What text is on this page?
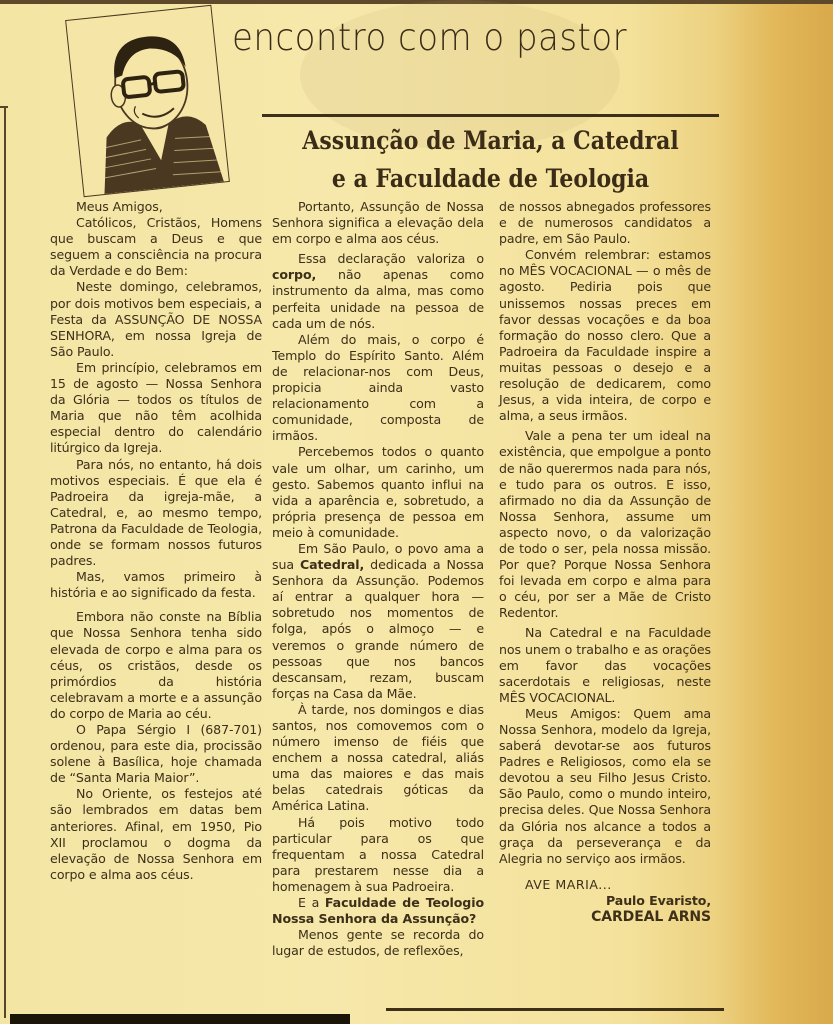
encontro com o pastor
Assunção de Maria, a Catedral
e a Faculdade de Teologia

Meus Amigos,

Católicos, Cristãos, Homens que buscam a Deus e que seguem a consciência na procura da Verdade e do Bem:

Neste domingo, celebramos, por dois motivos bem especiais, a Festa da ASSUNÇÃO DE NOSSA SENHORA, em nossa Igreja de São Paulo.

Em princípio, celebramos em 15 de agosto — Nossa Senhora da Glória — todos os títulos de Maria que não têm acolhida especial dentro do calendário litúrgico da Igreja.

Para nós, no entanto, há dois motivos especiais. É que ela é Padroeira da igreja-mãe, a Catedral, e, ao mesmo tempo, Patrona da Faculdade de Teologia, onde se formam nossos futuros padres.

Mas, vamos primeiro à história e ao significado da festa.

Embora não conste na Bíblia que Nossa Senhora tenha sido elevada de corpo e alma para os céus, os cristãos, desde os primórdios da história celebravam a morte e a assunção do corpo de Maria ao céu.

O Papa Sérgio I (687-701) ordenou, para este dia, procissão solene à Basílica, hoje chamada de “Santa Maria Maior”.

No Oriente, os festejos até são lembrados em datas bem anteriores. Afinal, em 1950, Pio XII proclamou o dogma da elevação de Nossa Senhora em corpo e alma aos céus.

Portanto, Assunção de Nossa Senhora significa a elevação dela em corpo e alma aos céus.

Essa declaração valoriza o corpo, não apenas como instrumento da alma, mas como perfeita unidade na pessoa de cada um de nós.

Além do mais, o corpo é Templo do Espírito Santo. Além de relacionar-nos com Deus, propicia ainda vasto relacionamento com a comunidade, composta de irmãos.

Percebemos todos o quanto vale um olhar, um carinho, um gesto. Sabemos quanto influi na vida a aparência e, sobretudo, a própria presença de pessoa em meio à comunidade.

Em São Paulo, o povo ama a sua Catedral, dedicada a Nossa Senhora da Assunção. Podemos aí entrar a qualquer hora — sobretudo nos momentos de folga, após o almoço — e veremos o grande número de pessoas que nos bancos descansam, rezam, buscam forças na Casa da Mãe.

À tarde, nos domingos e dias santos, nos comovemos com o número imenso de fiéis que enchem a nossa catedral, aliás uma das maiores e das mais belas catedrais góticas da América Latina.

Há pois motivo todo particular para os que frequentam a nossa Catedral para prestarem nesse dia a homenagem à sua Padroeira.

E a Faculdade de Teologio Nossa Senhora da Assunção?

Menos gente se recorda do lugar de estudos, de reflexões,

de nossos abnegados professores e de numerosos candidatos a padre, em São Paulo.

Convém relembrar: estamos no MÊS VOCACIONAL — o mês de agosto. Pediria pois que unissemos nossas preces em favor dessas vocações e da boa formação do nosso clero. Que a Padroeira da Faculdade inspire a muitas pessoas o desejo e a resolução de dedicarem, como Jesus, a vida inteira, de corpo e alma, a seus irmãos.

Vale a pena ter um ideal na existência, que empolgue a ponto de não querermos nada para nós, e tudo para os outros. E isso, afirmado no dia da Assunção de Nossa Senhora, assume um aspecto novo, o da valorização de todo o ser, pela nossa missão. Por que? Porque Nossa Senhora foi levada em corpo e alma para o céu, por ser a Mãe de Cristo Redentor.

Na Catedral e na Faculdade nos unem o trabalho e as orações em favor das vocações sacerdotais e religiosas, neste MÊS VOCACIONAL.

Meus Amigos: Quem ama Nossa Senhora, modelo da Igreja, saberá devotar-se aos futuros Padres e Religiosos, como ela se devotou a seu Filho Jesus Cristo. São Paulo, como o mundo inteiro, precisa deles. Que Nossa Senhora da Glória nos alcance a todos a graça da perseverança e da Alegria no serviço aos irmãos.

AVE MARIA...

Paulo Evaristo,
CARDEAL ARNS
